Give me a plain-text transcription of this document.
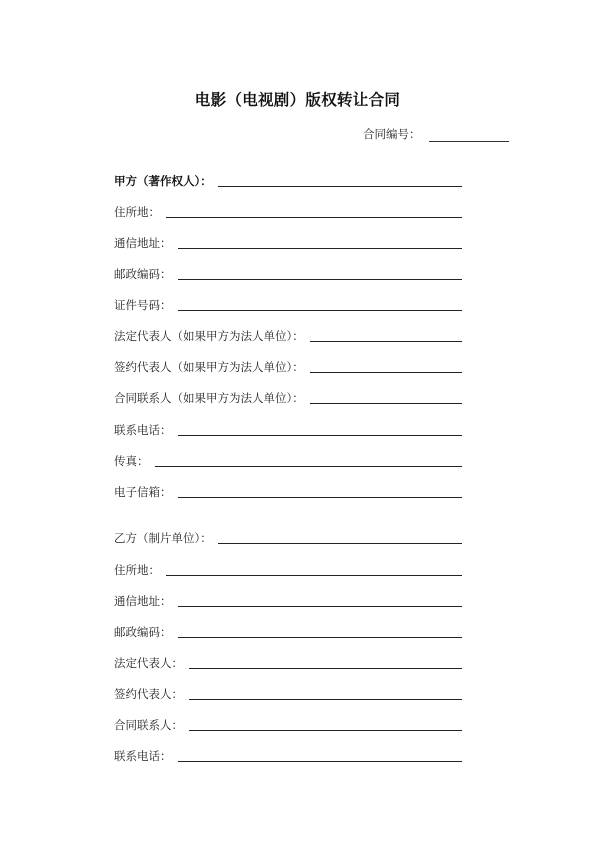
电影（电视剧）版权转让合同
合同编号：
甲方（著作权人）：
住所地：
通信地址：
邮政编码：
证件号码：
法定代表人（如果甲方为法人单位）：
签约代表人（如果甲方为法人单位）：
合同联系人（如果甲方为法人单位）：
联系电话：
传真：
电子信箱：
乙方（制片单位）：
住所地：
通信地址：
邮政编码：
法定代表人：
签约代表人：
合同联系人：
联系电话：
